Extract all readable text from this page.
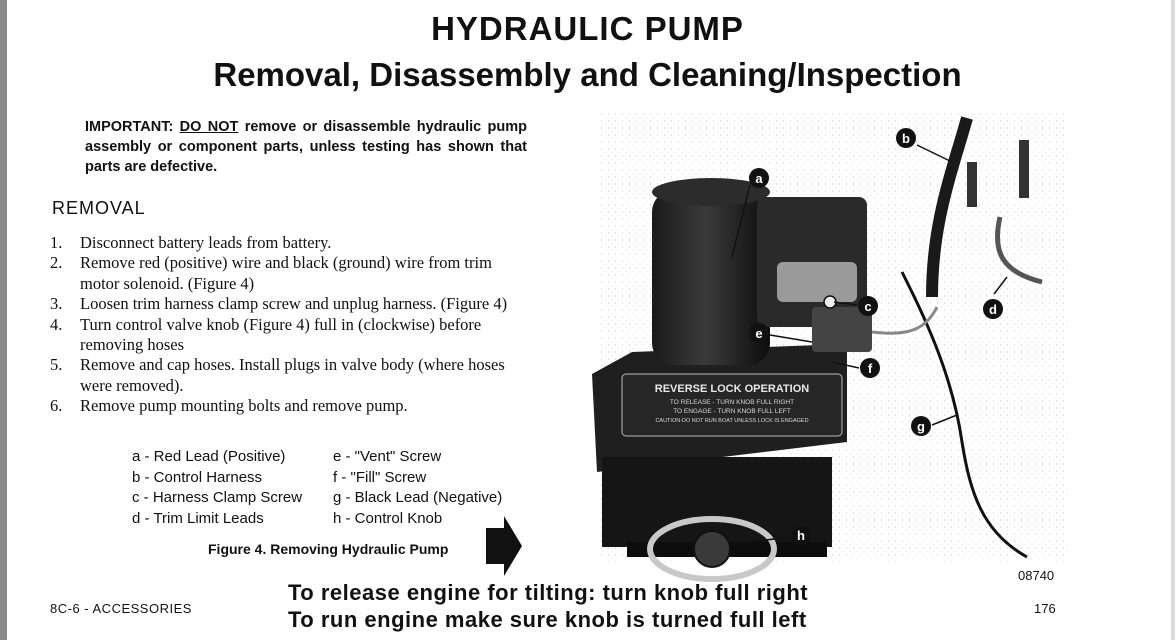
HYDRAULIC PUMP
Removal, Disassembly and Cleaning/Inspection
IMPORTANT: DO NOT remove or disassemble hydraulic pump assembly or component parts, unless testing has shown that parts are defective.
REMOVAL
1. Disconnect battery leads from battery.
2. Remove red (positive) wire and black (ground) wire from trim motor solenoid. (Figure 4)
3. Loosen trim harness clamp screw and unplug harness. (Figure 4)
4. Turn control valve knob (Figure 4) full in (clockwise) before removing hoses
5. Remove and cap hoses. Install plugs in valve body (where hoses were removed).
6. Remove pump mounting bolts and remove pump.
a - Red Lead (Positive)	e - "Vent" Screw
b - Control Harness	f - "Fill" Screw
c - Harness Clamp Screw	g - Black Lead (Negative)
d - Trim Limit Leads	h - Control Knob
Figure 4. Removing Hydraulic Pump
REVERSE LOCK OPERATION
TO RELEASE - TURN KNOB FULL RIGHT
TO ENGAGE - TURN KNOB FULL LEFT
CAUTION-DO NOT RUN BOAT UNLESS LOCK IS ENGAGED
a
b
c	d
e
f
g
h
08740
8C-6 - ACCESSORIES	176
To release engine for tilting: turn knob full right
To run engine make sure knob is turned full left
